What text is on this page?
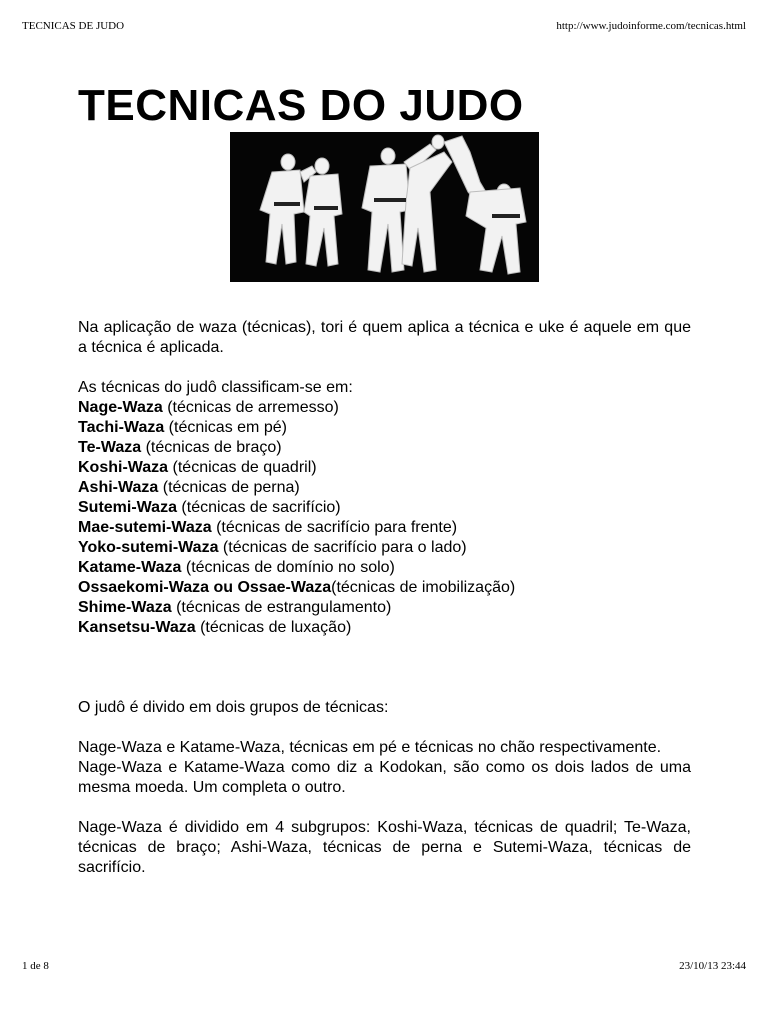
TECNICAS DE JUDO	http://www.judoinforme.com/tecnicas.html
TECNICAS DO JUDO

Na aplicação de waza (técnicas), tori é quem aplica a técnica e uke é aquele em que a técnica é aplicada.

As técnicas do judô classificam-se em:

Nage-Waza (técnicas de arremesso)
Tachi-Waza (técnicas em pé)
Te-Waza (técnicas de braço)
Koshi-Waza (técnicas de quadril)
Ashi-Waza (técnicas de perna)
Sutemi-Waza (técnicas de sacrifício)
Mae-sutemi-Waza (técnicas de sacrifício para frente)
Yoko-sutemi-Waza (técnicas de sacrifício para o lado)
Katame-Waza (técnicas de domínio no solo)
Ossaekomi-Waza ou Ossae-Waza(técnicas de imobilização)
Shime-Waza (técnicas de estrangulamento)
Kansetsu-Waza (técnicas de luxação)

O judô é divido em dois grupos de técnicas:

Nage-Waza e Katame-Waza, técnicas em pé e técnicas no chão respectivamente.

Nage-Waza e Katame-Waza como diz a Kodokan, são como os dois lados de uma mesma moeda. Um completa o outro.

Nage-Waza é dividido em 4 subgrupos: Koshi-Waza, técnicas de quadril; Te-Waza, técnicas de braço; Ashi-Waza, técnicas de perna e Sutemi-Waza, técnicas de sacrifício.

1 de 8	23/10/13 23:44
